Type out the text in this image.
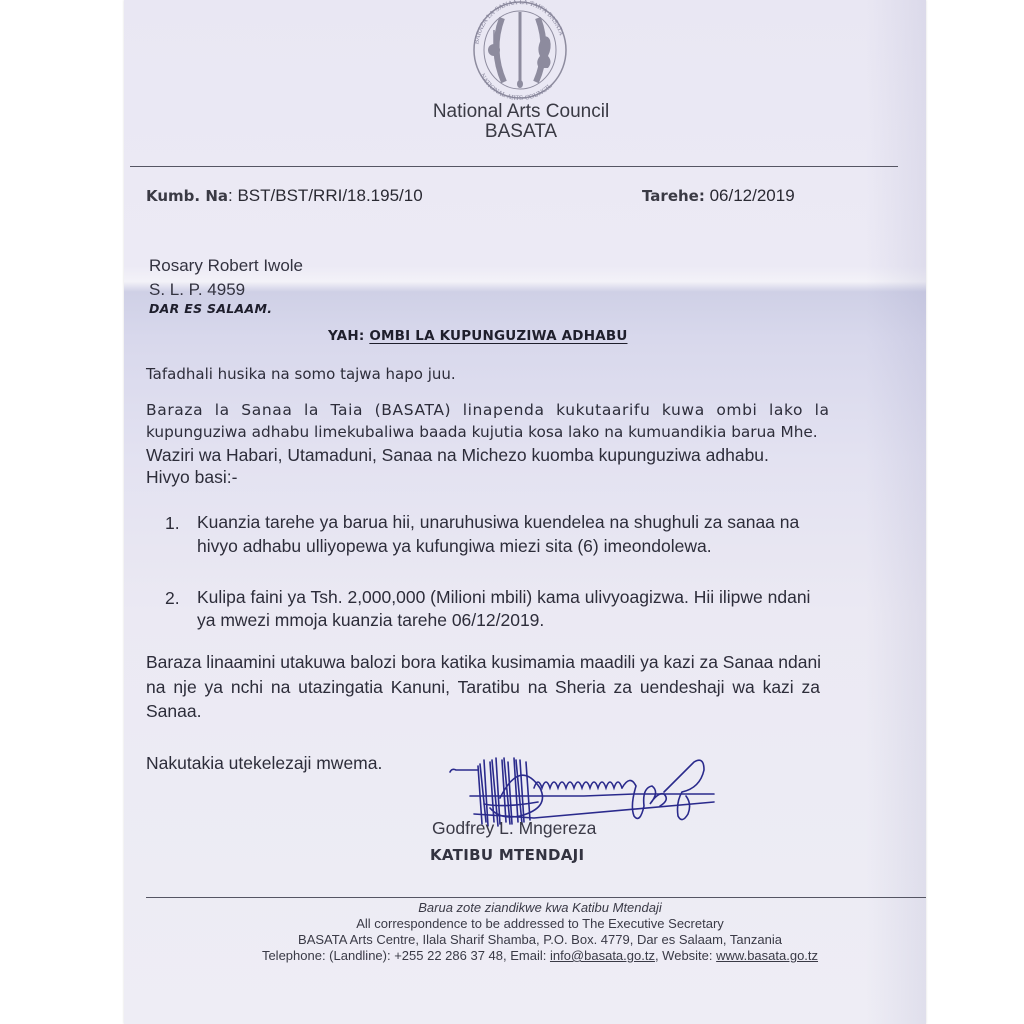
BARAZA LA SANAA LA TAIFA BASATA
NATIONAL ARTS COUNCIL
National Arts Council
BASATA
Kumb. Na: BST/BST/RRI/18.195/10	Tarehe: 06/12/2019
Rosary Robert Iwole
S. L. P. 4959
DAR ES SALAAM.
YAH: OMBI LA KUPUNGUZIWA ADHABU
Tafadhali husika na somo tajwa hapo juu.
Baraza la Sanaa la Taia (BASATA) linapenda kukutaarifu kuwa ombi lako la
kupunguziwa adhabu limekubaliwa baada kujutia kosa lako na kumuandikia barua Mhe.
Waziri wa Habari, Utamaduni, Sanaa na Michezo kuomba kupunguziwa adhabu.
Hivyo basi:-
1. Kuanzia tarehe ya barua hii, unaruhusiwa kuendelea na shughuli za sanaa na
hivyo adhabu ulliyopewa ya kufungiwa miezi sita (6) imeondolewa.
2. Kulipa faini ya Tsh. 2,000,000 (Milioni mbili) kama ulivyoagizwa. Hii ilipwe ndani
ya mwezi mmoja kuanzia tarehe 06/12/2019.
Baraza linaamini utakuwa balozi bora katika kusimamia maadili ya kazi za Sanaa ndani
na nje ya nchi na utazingatia Kanuni, Taratibu na Sheria za uendeshaji wa kazi za
Sanaa.
Nakutakia utekelezaji mwema.
Godfrey L. Mngereza
KATIBU MTENDAJI
Barua zote ziandikwe kwa Katibu Mtendaji
All correspondence to be addressed to The Executive Secretary
BASATA Arts Centre, Ilala Sharif Shamba, P.O. Box. 4779, Dar es Salaam, Tanzania
Telephone: (Landline): +255 22 286 37 48, Email: info@basata.go.tz, Website: www.basata.go.tz
